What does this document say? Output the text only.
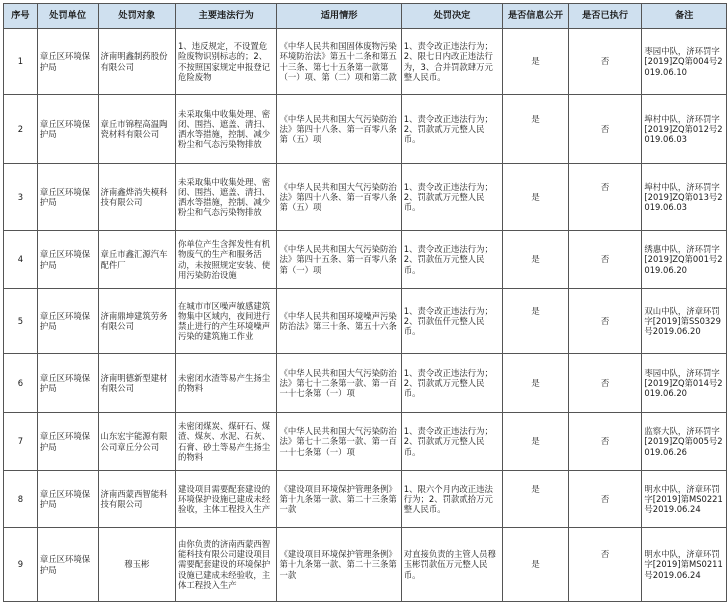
序号	处罚单位	处罚对象	主要违法行为	适用情形	处罚决定	是否信息公开	是否已执行	备注
1	章丘区环境保护局	济南明鑫制药股份有限公司	1、违反规定，不设置危险废物识别标志的；2、不按照国家规定申报登记危险废物	《中华人民共和国固体废物污染环境防治法》第五十二条和第五十三条、第七十五条第一款第（一）项、第（二）项和第二款	1、责令改正违法行为；2、限七日内改正违法行为，3、合并罚款肆万元整人民币。	是	否	枣园中队，济环罚字[2019]ZQ第004号2019.06.10
2	章丘区环境保护局	章丘市锦程高温陶瓷材料有限公司	未采取集中收集处理、密闭、围挡、遮盖、清扫、洒水等措施，控制、减少粉尘和气态污染物排放	《中华人民共和国大气污染防治法》第四十八条、第一百零八条第（五）项	1、责令改正违法行为；2、罚款贰万元整人民币。	是	否	埠村中队，济环罚字[2019]ZQ第012号2019.06.03
3	章丘区环境保护局	济南鑫烨消失模科技有限公司	未采取集中收集处理、密闭、围挡、遮盖、清扫、洒水等措施，控制、减少粉尘和气态污染物排放	《中华人民共和国大气污染防治法》第四十八条、第一百零八条第（五）项	1、责令改正违法行为；2、罚款贰万元整人民币。	是	否	埠村中队，济环罚字[2019]ZQ第013号2019.06.03
4	章丘区环境保护局	章丘市鑫汇源汽车配件厂	你单位产生含挥发性有机物废气的生产和服务活动，未按照规定安装、使用污染防治设施	《中华人民共和国大气污染防治法》第四十五条、第一百零八条第（一）项	1、责令改正违法行为；2、罚款伍万元整人民币。	是	否	绣惠中队，济环罚字[2019]ZQ第001号2019.06.20
5	章丘区环境保护局	济南鼎坤建筑劳务有限公司	在城市市区噪声敏感建筑物集中区域内，夜间进行禁止进行的产生环境噪声污染的建筑施工作业	《中华人民共和国环境噪声污染防治法》第三十条、第五十六条	1、责令改正违法行为；2、罚款伍仟元整人民币。	是	否	双山中队，济章环罚字[2019]第SS0329号2019.06.20
6	章丘区环境保护局	济南明德新型建材有限公司	未密闭水渣等易产生扬尘的物料	《中华人民共和国大气污染防治法》第七十二条第一款、第一百一十七条第（一）项	1、责令改正违法行为；2、罚款贰万元整人民币。	是	否	枣园中队，济环罚字[2019]ZQ第014号2019.06.20
7	章丘区环境保护局	山东宏宇能源有限公司章丘分公司	未密闭煤炭、煤矸石、煤渣、煤灰、水泥、石灰、石膏、砂土等易产生扬尘的物料	《中华人民共和国大气污染防治法》第七十二条第一款、第一百一十七条第（一）项	1、责令改正违法行为；2、罚款贰万元整人民币。	是	否	监察大队，济环罚字[2019]ZQ第005号2019.06.26
8	章丘区环境保护局	济南西蒙西智能科技有限公司	建设项目需要配套建设的环境保护设施已建成未经验收，主体工程投入生产	《建设项目环境保护管理条例》第十九条第一款、第二十三条第一款	1、限六个月内改正违法行为；2、罚款贰拾万元整人民币。	是	否	明水中队，济章环罚字[2019]第MS0221号2019.06.24
9	章丘区环境保护局	穆玉彬	由你负责的济南西蒙西智能科技有限公司建设项目需要配套建设的环境保护设施已建成未经验收，主体工程投入生产	《建设项目环境保护管理条例》第十九条第一款、第二十三条第一款	对直接负责的主管人员穆玉彬罚款伍万元整人民币。	是	否	明水中队，济章环罚字[2019]第MS0211号2019.06.24
